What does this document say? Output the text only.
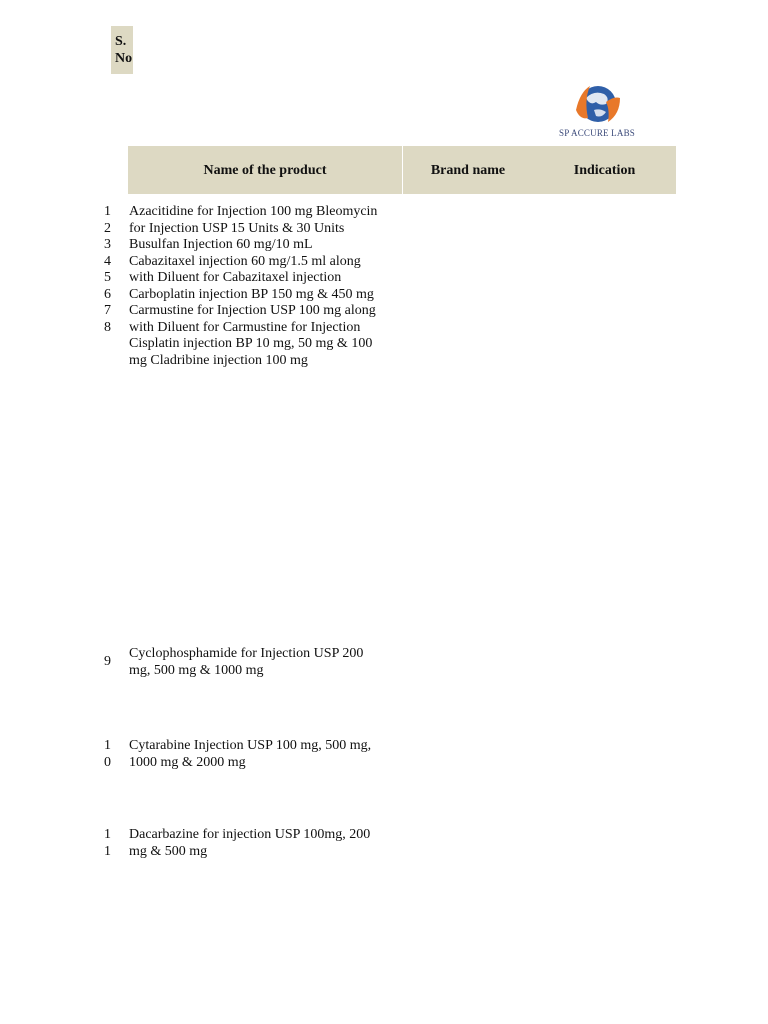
S.
No
SP ACCURE LABS
Name of the product	Brand name	Indication
1
2
3
4
5
6
7
8
Azacitidine for Injection 100 mg Bleomycin
for Injection USP 15 Units & 30 Units
Busulfan Injection 60 mg/10 mL
Cabazitaxel injection 60 mg/1.5 ml along
with Diluent for Cabazitaxel injection
Carboplatin injection BP 150 mg & 450 mg
Carmustine for Injection USP 100 mg along
with Diluent for Carmustine for Injection
Cisplatin injection BP 10 mg, 50 mg & 100
mg Cladribine injection 100 mg
9
Cyclophosphamide for Injection USP 200
mg, 500 mg & 1000 mg
1
0
Cytarabine Injection USP 100 mg, 500 mg,
1000 mg & 2000 mg
1
1
Dacarbazine for injection USP 100mg, 200
mg & 500 mg
